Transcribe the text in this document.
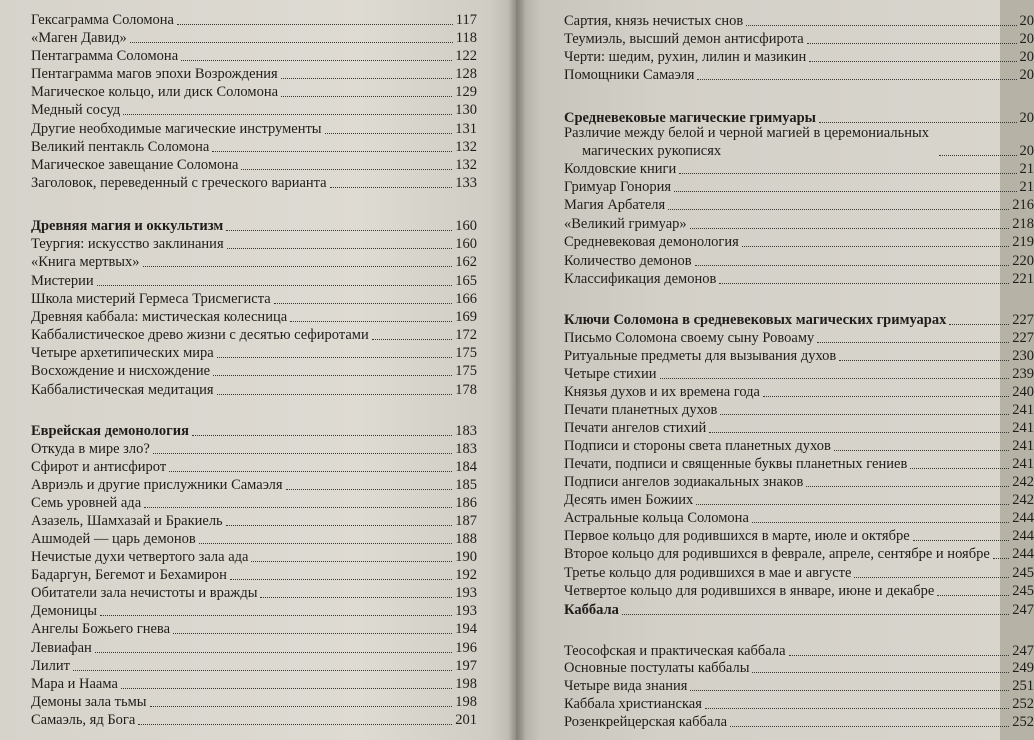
Гексаграмма Соломона	117
«Маген Давид»	118
Пентаграмма Соломона	122
Пентаграмма магов эпохи Возрождения	128
Магическое кольцо, или диск Соломона	129
Медный сосуд	130
Другие необходимые магические инструменты	131
Великий пентакль Соломона	132
Магическое завещание Соломона	132
Заголовок, переведенный с греческого варианта	133
Древняя магия и оккультизм	160
Теургия: искусство заклинания	160
«Книга мертвых»	162
Мистерии	165
Школа мистерий Гермеса Трисмегиста	166
Древняя каббала: мистическая колесница	169
Каббалистическое древо жизни с десятью сефиротами	172
Четыре архетипических мира	175
Восхождение и нисхождение	175
Каббалистическая медитация	178
Еврейская демонология	183
Откуда в мире зло?	183
Сфирот и антисфирот	184
Авриэль и другие прислужники Самаэля	185
Семь уровней ада	186
Азазель, Шамхазай и Бракиель	187
Ашмодей — царь демонов	188
Нечистые духи четвертого зала ада	190
Бадаргун, Бегемот и Бехамирон	192
Обитатели зала нечистоты и вражды	193
Демоницы	193
Ангелы Божьего гнева	194
Левиафан	196
Лилит	197
Мара и Наама	198
Демоны зала тьмы	198
Самаэль, яд Бога	201
Сартия, князь нечистых снов	20
Теумиэль, высший демон антисфирота	20
Черти: шедим, рухин, лилин и мазикин	20
Помощники Самаэля	20
Средневековые магические гримуары	20
Различие между белой и черной магией в церемониальных
магических рукописях	20
Колдовские книги	21
Гримуар Гонория	21
Магия Арбателя	216
«Великий гримуар»	218
Средневековая демонология	219
Количество демонов	220
Классификация демонов	221
Ключи Соломона в средневековых магических гримуарах	227
Письмо Соломона своему сыну Ровоаму	227
Ритуальные предметы для вызывания духов	230
Четыре стихии	239
Князья духов и их времена года	240
Печати планетных духов	241
Печати ангелов стихий	241
Подписи и стороны света планетных духов	241
Печати, подписи и священные буквы планетных гениев	241
Подписи ангелов зодиакальных знаков	242
Десять имен Божиих	242
Астральные кольца Соломона	244
Первое кольцо для родившихся в марте, июле и октябре	244
Второе кольцо для родившихся в феврале, апреле, сентябре и ноябре 244
Третье кольцо для родившихся в мае и августе	245
Четвертое кольцо для родившихся в январе, июне и декабре	245
Каббала	247
Теософская и практическая каббала	247
Основные постулаты каббалы	249
Четыре вида знания	251
Каббала христианская	252
Розенкрейцерская каббала	252
